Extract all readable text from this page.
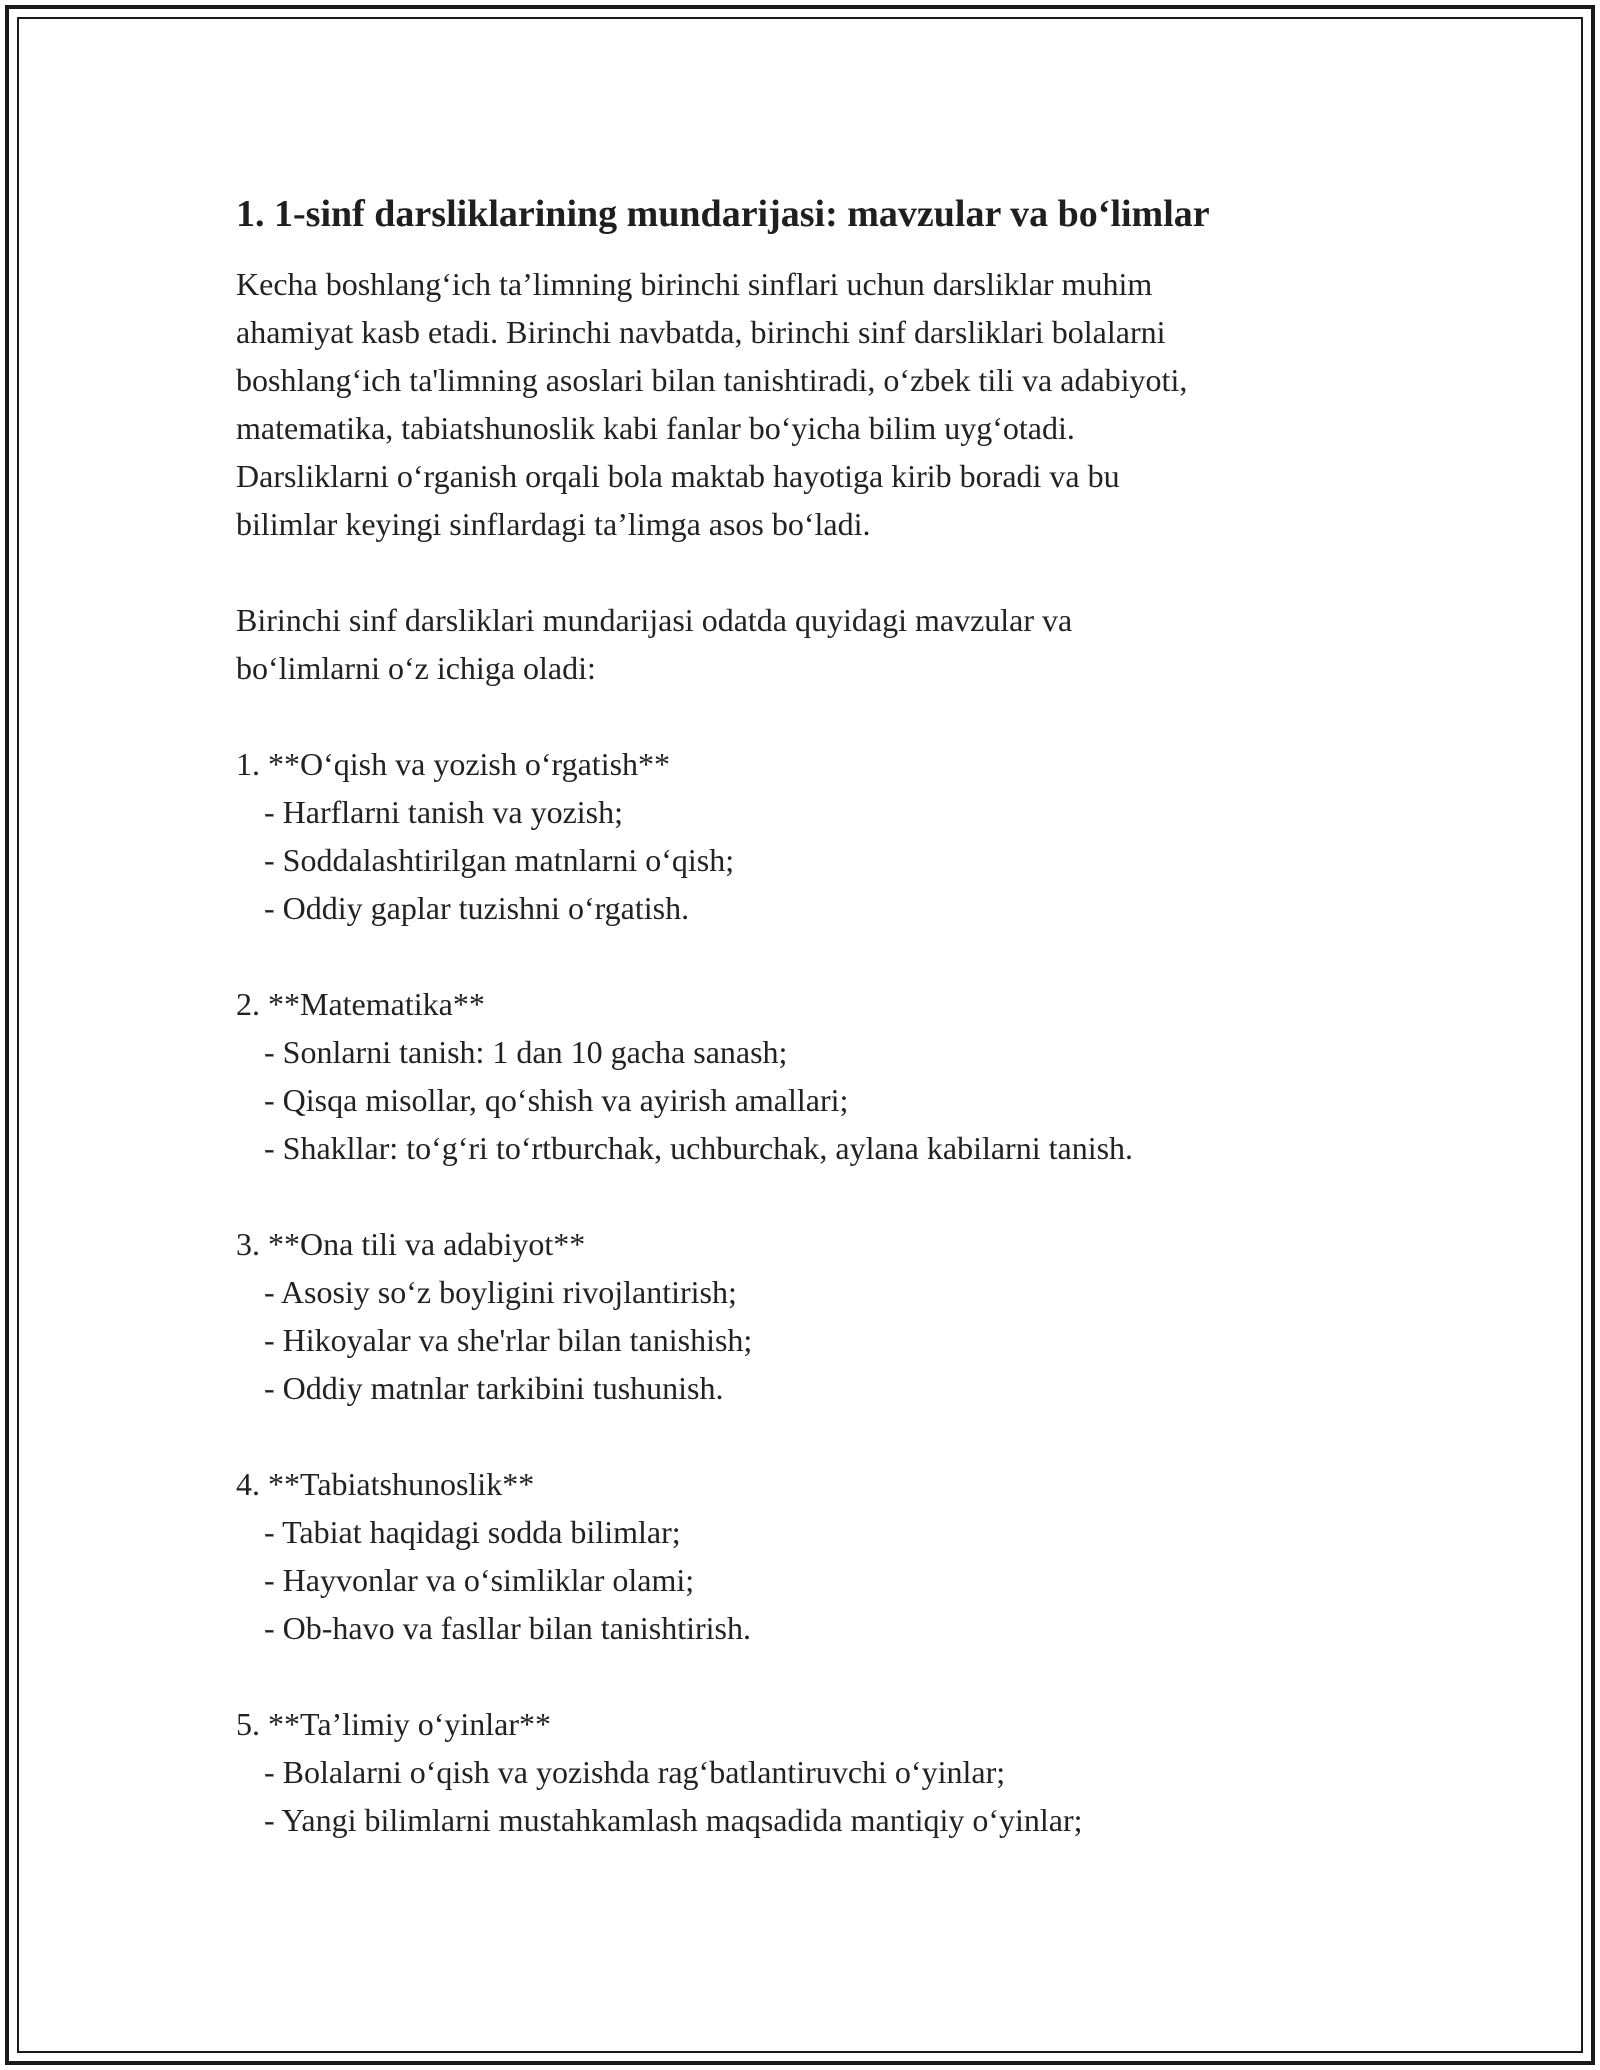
1. 1-sinf darsliklarining mundarijasi: mavzular va bo‘limlar

Kecha boshlang‘ich ta’limning birinchi sinflari uchun darsliklar muhim

ahamiyat kasb etadi. Birinchi navbatda, birinchi sinf darsliklari bolalarni

boshlang‘ich ta'limning asoslari bilan tanishtiradi, o‘zbek tili va adabiyoti,

matematika, tabiatshunoslik kabi fanlar bo‘yicha bilim uyg‘otadi.

Darsliklarni o‘rganish orqali bola maktab hayotiga kirib boradi va bu

bilimlar keyingi sinflardagi ta’limga asos bo‘ladi.

Birinchi sinf darsliklari mundarijasi odatda quyidagi mavzular va

bo‘limlarni o‘z ichiga oladi:

1. **O‘qish va yozish o‘rgatish**

- Harflarni tanish va yozish;

- Soddalashtirilgan matnlarni o‘qish;

- Oddiy gaplar tuzishni o‘rgatish.

2. **Matematika**

- Sonlarni tanish: 1 dan 10 gacha sanash;

- Qisqa misollar, qo‘shish va ayirish amallari;

- Shakllar: to‘g‘ri to‘rtburchak, uchburchak, aylana kabilarni tanish.

3. **Ona tili va adabiyot**

- Asosiy so‘z boyligini rivojlantirish;

- Hikoyalar va she'rlar bilan tanishish;

- Oddiy matnlar tarkibini tushunish.

4. **Tabiatshunoslik**

- Tabiat haqidagi sodda bilimlar;

- Hayvonlar va o‘simliklar olami;

- Ob-havo va fasllar bilan tanishtirish.

5. **Ta’limiy o‘yinlar**

- Bolalarni o‘qish va yozishda rag‘batlantiruvchi o‘yinlar;

- Yangi bilimlarni mustahkamlash maqsadida mantiqiy o‘yinlar;
